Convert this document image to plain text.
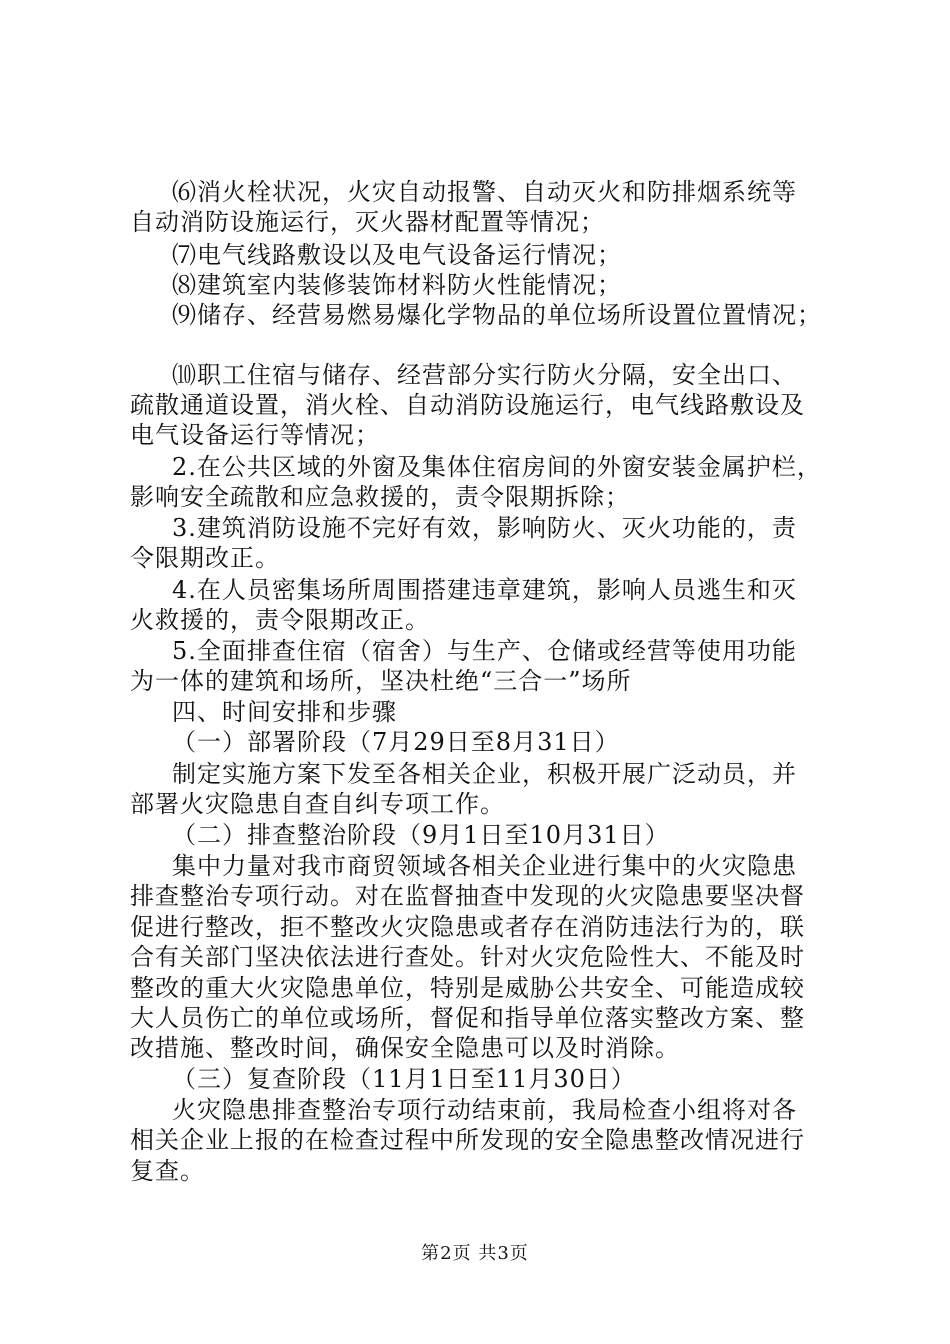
⑹消火栓状况，火灾自动报警、自动灭火和防排烟系统等
自动消防设施运行，灭火器材配置等情况；
⑺电气线路敷设以及电气设备运行情况；
⑻建筑室内装修装饰材料防火性能情况；
⑼储存、经营易燃易爆化学物品的单位场所设置位置情况；
⑽职工住宿与储存、经营部分实行防火分隔，安全出口、
疏散通道设置，消火栓、自动消防设施运行，电气线路敷设及
电气设备运行等情况；
2.在公共区域的外窗及集体住宿房间的外窗安装金属护栏，
影响安全疏散和应急救援的，责令限期拆除；
3.建筑消防设施不完好有效，影响防火、灭火功能的，责
令限期改正。
4.在人员密集场所周围搭建违章建筑，影响人员逃生和灭
火救援的，责令限期改正。
5.全面排查住宿（宿舍）与生产、仓储或经营等使用功能
为一体的建筑和场所，坚决杜绝“三合一”场所
四、时间安排和步骤
（一）部署阶段（7月29日至8月31日）
制定实施方案下发至各相关企业，积极开展广泛动员，并
部署火灾隐患自查自纠专项工作。
（二）排查整治阶段（9月1日至10月31日）
集中力量对我市商贸领域各相关企业进行集中的火灾隐患
排查整治专项行动。对在监督抽查中发现的火灾隐患要坚决督
促进行整改，拒不整改火灾隐患或者存在消防违法行为的，联
合有关部门坚决依法进行查处。针对火灾危险性大、不能及时
整改的重大火灾隐患单位，特别是威胁公共安全、可能造成较
大人员伤亡的单位或场所，督促和指导单位落实整改方案、整
改措施、整改时间，确保安全隐患可以及时消除。
（三）复查阶段（11月1日至11月30日）
火灾隐患排查整治专项行动结束前，我局检查小组将对各
相关企业上报的在检查过程中所发现的安全隐患整改情况进行
复查。
第2页 共3页
